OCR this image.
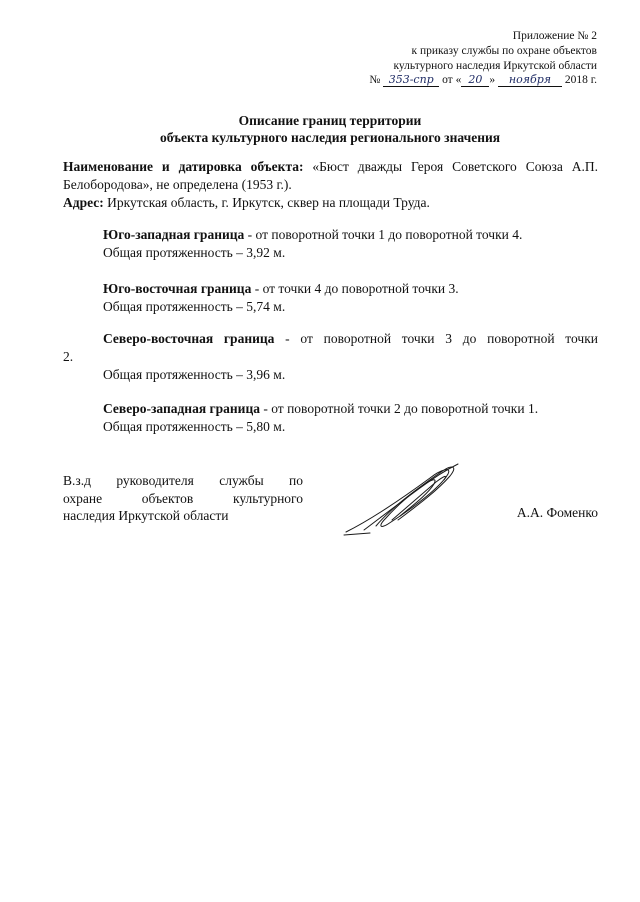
Приложение № 2
к приказу службы по охране объектов
культурного наследия Иркутской области
№ 353-спр от « 20 » ноября 2018 г.
Описание границ территории
объекта культурного наследия регионального значения

Наименование и датировка объекта: «Бюст дважды Героя Советского Союза А.П. Белобородова», не определена (1953 г.).

Адрес: Иркутская область, г. Иркутск, сквер на площади Труда.

Юго-западная граница - от поворотной точки 1 до поворотной точки 4.

Общая протяженность – 3,92 м.

Юго-восточная граница - от точки 4 до поворотной точки 3.

Общая протяженность – 5,74 м.

Северо-восточная граница - от поворотной точки 3 до поворотной точки

2.
Общая протяженность – 3,96 м.

Северо-западная граница - от поворотной точки 2 до поворотной точки 1.

Общая протяженность – 5,80 м.
В.з.д руководителя службы по
охране объектов культурного
наследия Иркутской области	А.А. Фоменко
